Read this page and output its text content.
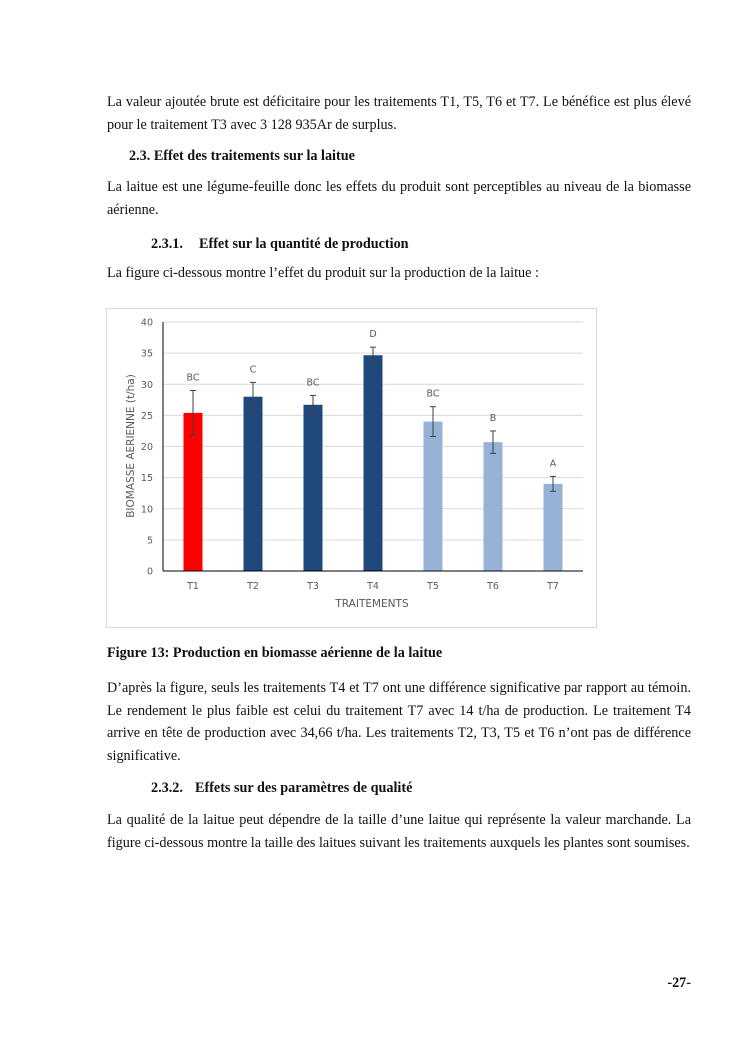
La valeur ajoutée brute est déficitaire pour les traitements T1, T5, T6 et T7. Le bénéfice est plus élevé pour le traitement T3 avec 3 128 935Ar de surplus.

2.3. Effet des traitements sur la laitue

La laitue est une légume-feuille donc les effets du produit sont perceptibles au niveau de la biomasse aérienne.

2.3.1. Effet sur la quantité de production

La figure ci-dessous montre l’effet du produit sur la production de la laitue :

BC
C
BC
D
BC
B
A
0
5
10
15
20
25
30
35
40
T1	T2	T3	T4	T5	T6	T7
BIOMASSE AERIENNE (t/ha)
TRAITEMENTS

Figure 13: Production en biomasse aérienne de la laitue

D’après la figure, seuls les traitements T4 et T7 ont une différence significative par rapport au témoin. Le rendement le plus faible est celui du traitement T7 avec 14 t/ha de production. Le traitement T4 arrive en tête de production avec 34,66 t/ha. Les traitements T2, T3, T5 et T6 n’ont pas de différence significative.

2.3.2. Effets sur des paramètres de qualité

La qualité de la laitue peut dépendre de la taille d’une laitue qui représente la valeur marchande. La figure ci-dessous montre la taille des laitues suivant les traitements auxquels les plantes sont soumises.

-27-
